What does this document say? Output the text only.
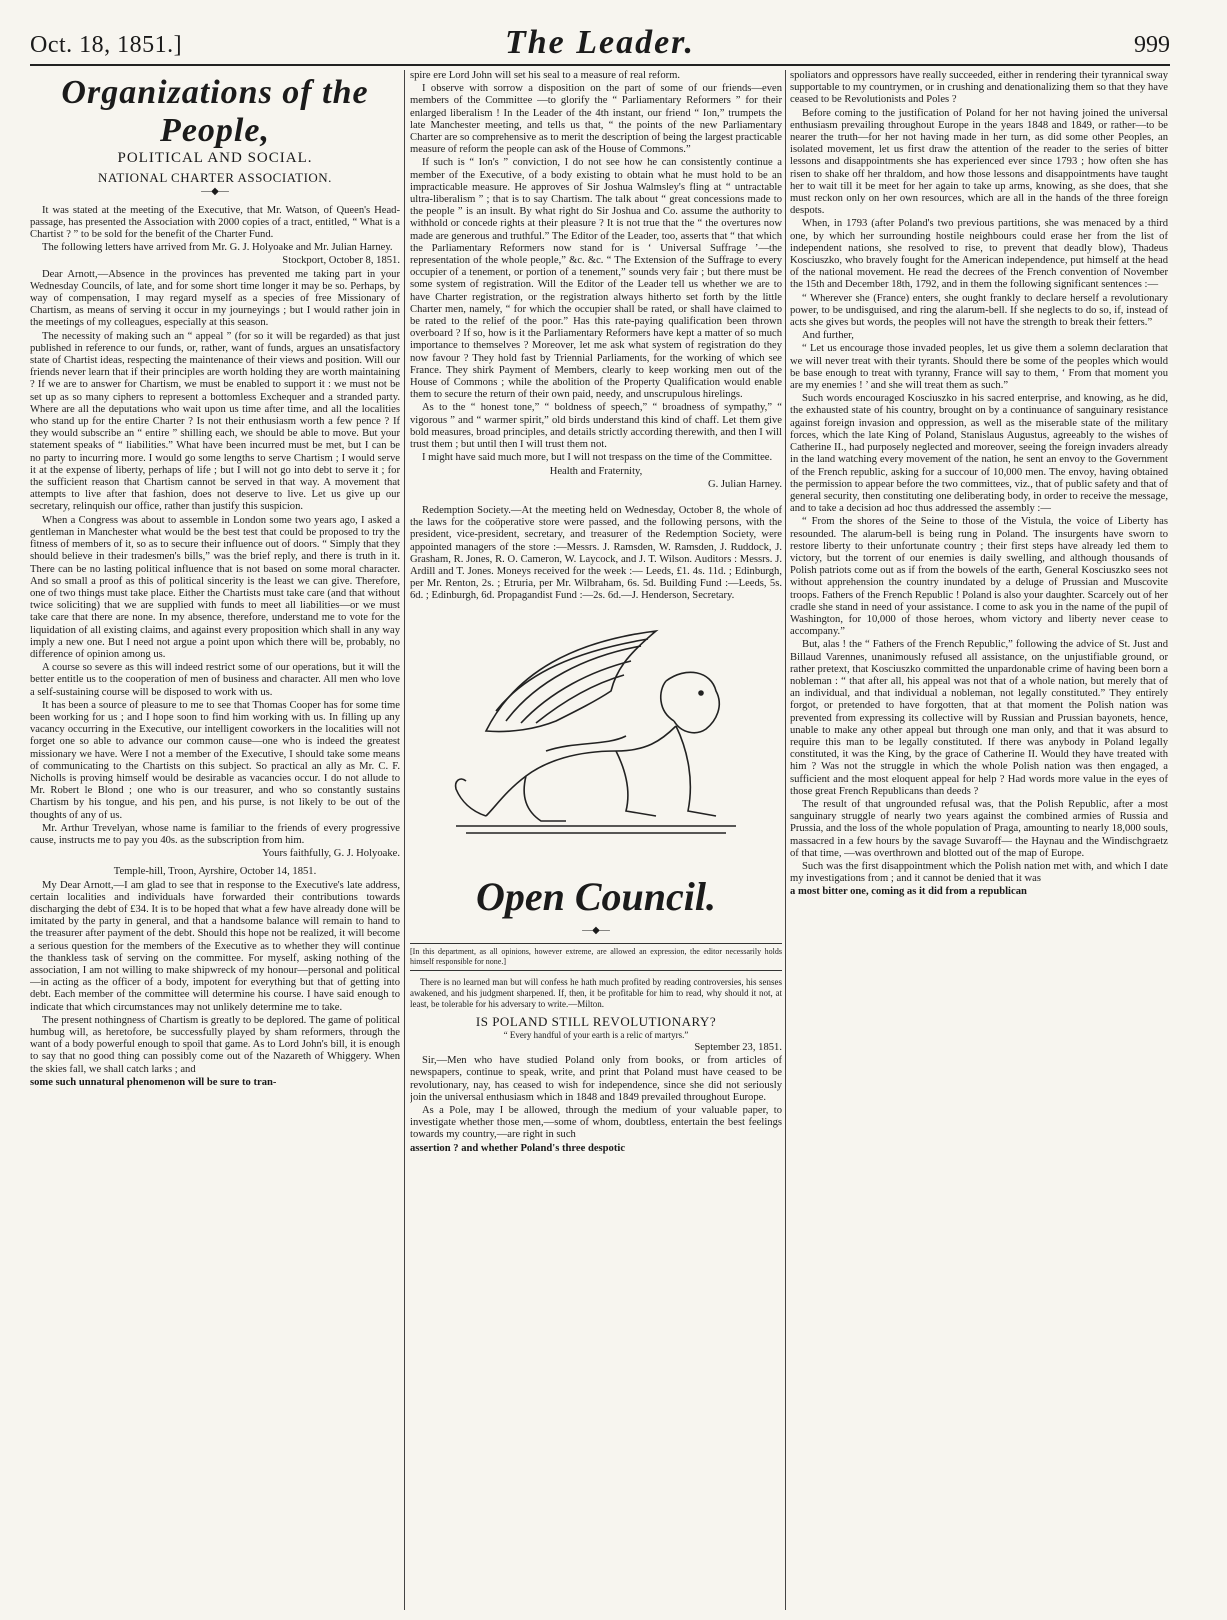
Oct. 18, 1851.]	The Leader.	999
Organizations of the People,
POLITICAL AND SOCIAL.
NATIONAL CHARTER ASSOCIATION.
—◆—

It was stated at the meeting of the Executive, that Mr. Watson, of Queen's Head-passage, has presented the Association with 2000 copies of a tract, entitled, “ What is a Chartist ? ” to be sold for the benefit of the Charter Fund.

The following letters have arrived from Mr. G. J. Holyoake and Mr. Julian Harney.

Stockport, October 8, 1851.

Dear Arnott,—Absence in the provinces has prevented me taking part in your Wednesday Councils, of late, and for some short time longer it may be so. Perhaps, by way of compensation, I may regard myself as a species of free Missionary of Chartism, as means of serving it occur in my journeyings ; but I would rather join in the meetings of my colleagues, especially at this season.

The necessity of making such an “ appeal ” (for so it will be regarded) as that just published in reference to our funds, or, rather, want of funds, argues an unsatisfactory state of Chartist ideas, respecting the maintenance of their views and position. Will our friends never learn that if their principles are worth holding they are worth maintaining ? If we are to answer for Chartism, we must be enabled to support it : we must not be set up as so many ciphers to represent a bottomless Exchequer and a stranded party. Where are all the deputations who wait upon us time after time, and all the localities who stand up for the entire Charter ? Is not their enthusiasm worth a few pence ? If they would subscribe an “ entire ” shilling each, we should be able to move. But your statement speaks of “ liabilities.” What have been incurred must be met, but I can be no party to incurring more. I would go some lengths to serve Chartism ; I would serve it at the expense of liberty, perhaps of life ; but I will not go into debt to serve it ; for the sufficient reason that Chartism cannot be served in that way. A movement that attempts to live after that fashion, does not deserve to live. Let us give up our secretary, relinquish our office, rather than justify this suspicion.

When a Congress was about to assemble in London some two years ago, I asked a gentleman in Manchester what would be the best test that could be proposed to try the fitness of members of it, so as to secure their influence out of doors. “ Simply that they should believe in their tradesmen's bills,” was the brief reply, and there is truth in it. There can be no lasting political influence that is not based on some moral character. And so small a proof as this of political sincerity is the least we can give. Therefore, one of two things must take place. Either the Chartists must take care (and that without twice soliciting) that we are supplied with funds to meet all liabilities—or we must take care that there are none. In my absence, therefore, understand me to vote for the liquidation of all existing claims, and against every proposition which shall in any way imply a new one. But I need not argue a point upon which there will be, probably, no difference of opinion among us.

A course so severe as this will indeed restrict some of our operations, but it will the better entitle us to the cooperation of men of business and character. All men who love a self-sustaining course will be disposed to work with us.

It has been a source of pleasure to me to see that Thomas Cooper has for some time been working for us ; and I hope soon to find him working with us. In filling up any vacancy occurring in the Executive, our intelligent coworkers in the localities will not forget one so able to advance our common cause—one who is indeed the greatest missionary we have. Were I not a member of the Executive, I should take some means of communicating to the Chartists on this subject. So practical an ally as Mr. C. F. Nicholls is proving himself would be desirable as vacancies occur. I do not allude to Mr. Robert le Blond ; one who is our treasurer, and who so constantly sustains Chartism by his tongue, and his pen, and his purse, is not likely to be out of the thoughts of any of us.

Mr. Arthur Trevelyan, whose name is familiar to the friends of every progressive cause, instructs me to pay you 40s. as the subscription from him.

Yours faithfully, G. J. Holyoake.

Temple-hill, Troon, Ayrshire, October 14, 1851.

My Dear Arnott,—I am glad to see that in response to the Executive's late address, certain localities and individuals have forwarded their contributions towards discharging the debt of £34. It is to be hoped that what a few have already done will be imitated by the party in general, and that a handsome balance will remain to hand to the treasurer after payment of the debt. Should this hope not be realized, it will become a serious question for the members of the Executive as to whether they will continue the thankless task of serving on the committee. For myself, asking nothing of the association, I am not willing to make shipwreck of my honour—personal and political—in acting as the officer of a body, impotent for everything but that of getting into debt. Each member of the committee will determine his course. I have said enough to indicate that which circumstances may not unlikely determine me to take.

The present nothingness of Chartism is greatly to be deplored. The game of political humbug will, as heretofore, be successfully played by sham reformers, through the want of a body powerful enough to spoil that game. As to Lord John's bill, it is enough to say that no good thing can possibly come out of the Nazareth of Whiggery. When the skies fall, we shall catch larks ; and

some such unnatural phenomenon will be sure to tran-

spire ere Lord John will set his seal to a measure of real reform.

I observe with sorrow a disposition on the part of some of our friends—even members of the Committee —to glorify the “ Parliamentary Reformers ” for their enlarged liberalism ! In the Leader of the 4th instant, our friend “ Ion,” trumpets the late Manchester meeting, and tells us that, “ the points of the new Parliamentary Charter are so comprehensive as to merit the description of being the largest practicable measure of reform the people can ask of the House of Commons.”

If such is “ Ion's ” conviction, I do not see how he can consistently continue a member of the Executive, of a body existing to obtain what he must hold to be an impracticable measure. He approves of Sir Joshua Walmsley's fling at “ untractable ultra-liberalism ” ; that is to say Chartism. The talk about “ great concessions made to the people ” is an insult. By what right do Sir Joshua and Co. assume the authority to withhold or concede rights at their pleasure ? It is not true that the “ the overtures now made are generous and truthful.” The Editor of the Leader, too, asserts that “ that which the Parliamentary Reformers now stand for is ‘ Universal Suffrage ’—the representation of the whole people,” &c. &c. “ The Extension of the Suffrage to every occupier of a tenement, or portion of a tenement,” sounds very fair ; but there must be some system of registration. Will the Editor of the Leader tell us whether we are to have Charter registration, or the registration always hitherto set forth by the little Charter men, namely, “ for which the occupier shall be rated, or shall have claimed to be rated to the relief of the poor.” Has this rate-paying qualification been thrown overboard ? If so, how is it the Parliamentary Reformers have kept a matter of so much importance to themselves ? Moreover, let me ask what system of registration do they now favour ? They hold fast by Triennial Parliaments, for the working of which see France. They shirk Payment of Members, clearly to keep working men out of the House of Commons ; while the abolition of the Property Qualification would enable them to secure the return of their own paid, needy, and unscrupulous hirelings.

As to the “ honest tone,” “ boldness of speech,” “ broadness of sympathy,” “ vigorous ” and “ warmer spirit,” old birds understand this kind of chaff. Let them give bold measures, broad principles, and details strictly according therewith, and then I will trust them ; but until then I will trust them not.

I might have said much more, but I will not trespass on the time of the Committee.

Health and Fraternity,

G. Julian Harney.

Redemption Society.—At the meeting held on Wednesday, October 8, the whole of the laws for the coöperative store were passed, and the following persons, with the president, vice-president, secretary, and treasurer of the Redemption Society, were appointed managers of the store :—Messrs. J. Ramsden, W. Ramsden, J. Ruddock, J. Grasham, R. Jones, R. O. Cameron, W. Laycock, and J. T. Wilson. Auditors : Messrs. J. Ardill and T. Jones. Moneys received for the week :— Leeds, £1. 4s. 11d. ; Edinburgh, per Mr. Renton, 2s. ; Etruria, per Mr. Wilbraham, 6s. 5d. Building Fund :—Leeds, 5s. 6d. ; Edinburgh, 6d. Propagandist Fund :—2s. 6d.—J. Henderson, Secretary.

Open Council.
—◆—

[In this department, as all opinions, however extreme, are allowed an expression, the editor necessarily holds himself responsible for none.]

There is no learned man but will confess he hath much profited by reading controversies, his senses awakened, and his judgment sharpened. If, then, it be profitable for him to read, why should it not, at least, be tolerable for his adversary to write.—Milton.

IS POLAND STILL REVOLUTIONARY?

“ Every handful of your earth is a relic of martyrs.”

September 23, 1851.

Sir,—Men who have studied Poland only from books, or from articles of newspapers, continue to speak, write, and print that Poland must have ceased to be revolutionary, nay, has ceased to wish for independence, since she did not seriously join the universal enthusiasm which in 1848 and 1849 prevailed throughout Europe.

As a Pole, may I be allowed, through the medium of your valuable paper, to investigate whether those men,—some of whom, doubtless, entertain the best feelings towards my country,—are right in such

assertion ? and whether Poland's three despotic

spoliators and oppressors have really succeeded, either in rendering their tyrannical sway supportable to my countrymen, or in crushing and denationalizing them so that they have ceased to be Revolutionists and Poles ?

Before coming to the justification of Poland for her not having joined the universal enthusiasm prevailing throughout Europe in the years 1848 and 1849, or rather—to be nearer the truth—for her not having made in her turn, as did some other Peoples, an isolated movement, let us first draw the attention of the reader to the series of bitter lessons and disappointments she has experienced ever since 1793 ; how often she has risen to shake off her thraldom, and how those lessons and disappointments have taught her to wait till it be meet for her again to take up arms, knowing, as she does, that she must reckon only on her own resources, which are all in the hands of the three foreign despots.

When, in 1793 (after Poland's two previous partitions, she was menaced by a third one, by which her surrounding hostile neighbours could erase her from the list of independent nations, she resolved to rise, to prevent that deadly blow), Thadeus Kosciuszko, who bravely fought for the American independence, put himself at the head of the national movement. He read the decrees of the French convention of November the 15th and December 18th, 1792, and in them the following significant sentences :—

“ Wherever she (France) enters, she ought frankly to declare herself a revolutionary power, to be undisguised, and ring the alarum-bell. If she neglects to do so, if, instead of acts she gives but words, the peoples will not have the strength to break their fetters.”

And further,

“ Let us encourage those invaded peoples, let us give them a solemn declaration that we will never treat with their tyrants. Should there be some of the peoples which would be base enough to treat with tyranny, France will say to them, ‘ From that moment you are my enemies ! ’ and she will treat them as such.”

Such words encouraged Kosciuszko in his sacred enterprise, and knowing, as he did, the exhausted state of his country, brought on by a continuance of sanguinary resistance against foreign invasion and oppression, as well as the miserable state of the military forces, which the late King of Poland, Stanislaus Augustus, agreeably to the wishes of Catherine II., had purposely neglected and moreover, seeing the foreign invaders already in the land watching every movement of the nation, he sent an envoy to the Government of the French republic, asking for a succour of 10,000 men. The envoy, having obtained the permission to appear before the two committees, viz., that of public safety and that of general security, then constituting one deliberating body, in order to receive the message, and to take a decision ad hoc thus addressed the assembly :—

“ From the shores of the Seine to those of the Vistula, the voice of Liberty has resounded. The alarum-bell is being rung in Poland. The insurgents have sworn to restore liberty to their unfortunate country ; their first steps have already led them to victory, but the torrent of our enemies is daily swelling, and although thousands of Polish patriots come out as if from the bowels of the earth, General Kosciuszko sees not without apprehension the country inundated by a deluge of Prussian and Muscovite troops. Fathers of the French Republic ! Poland is also your daughter. Scarcely out of her cradle she stand in need of your assistance. I come to ask you in the name of the pupil of Washington, for 10,000 of those heroes, whom victory and liberty never cease to accompany.”

But, alas ! the “ Fathers of the French Republic,” following the advice of St. Just and Billaud Varennes, unanimously refused all assistance, on the unjustifiable ground, or rather pretext, that Kosciuszko committed the unpardonable crime of having been born a nobleman : “ that after all, his appeal was not that of a whole nation, but merely that of an individual, and that individual a nobleman, not legally constituted.” They entirely forgot, or pretended to have forgotten, that at that moment the Polish nation was prevented from expressing its collective will by Russian and Prussian bayonets, hence, unable to make any other appeal but through one man only, and that it was absurd to require this man to be legally constituted. If there was anybody in Poland legally constituted, it was the King, by the grace of Catherine II. Would they have treated with him ? Was not the struggle in which the whole Polish nation was then engaged, a sufficient and the most eloquent appeal for help ? Had words more value in the eyes of those great French Republicans than deeds ?

The result of that ungrounded refusal was, that the Polish Republic, after a most sanguinary struggle of nearly two years against the combined armies of Russia and Prussia, and the loss of the whole population of Praga, amounting to nearly 18,000 souls, massacred in a few hours by the savage Suvaroff— the Haynau and the Windischgraetz of that time, —was overthrown and blotted out of the map of Europe.

Such was the first disappointment which the Polish nation met with, and which I date my investigations from ; and it cannot be denied that it was

a most bitter one, coming as it did from a republican
